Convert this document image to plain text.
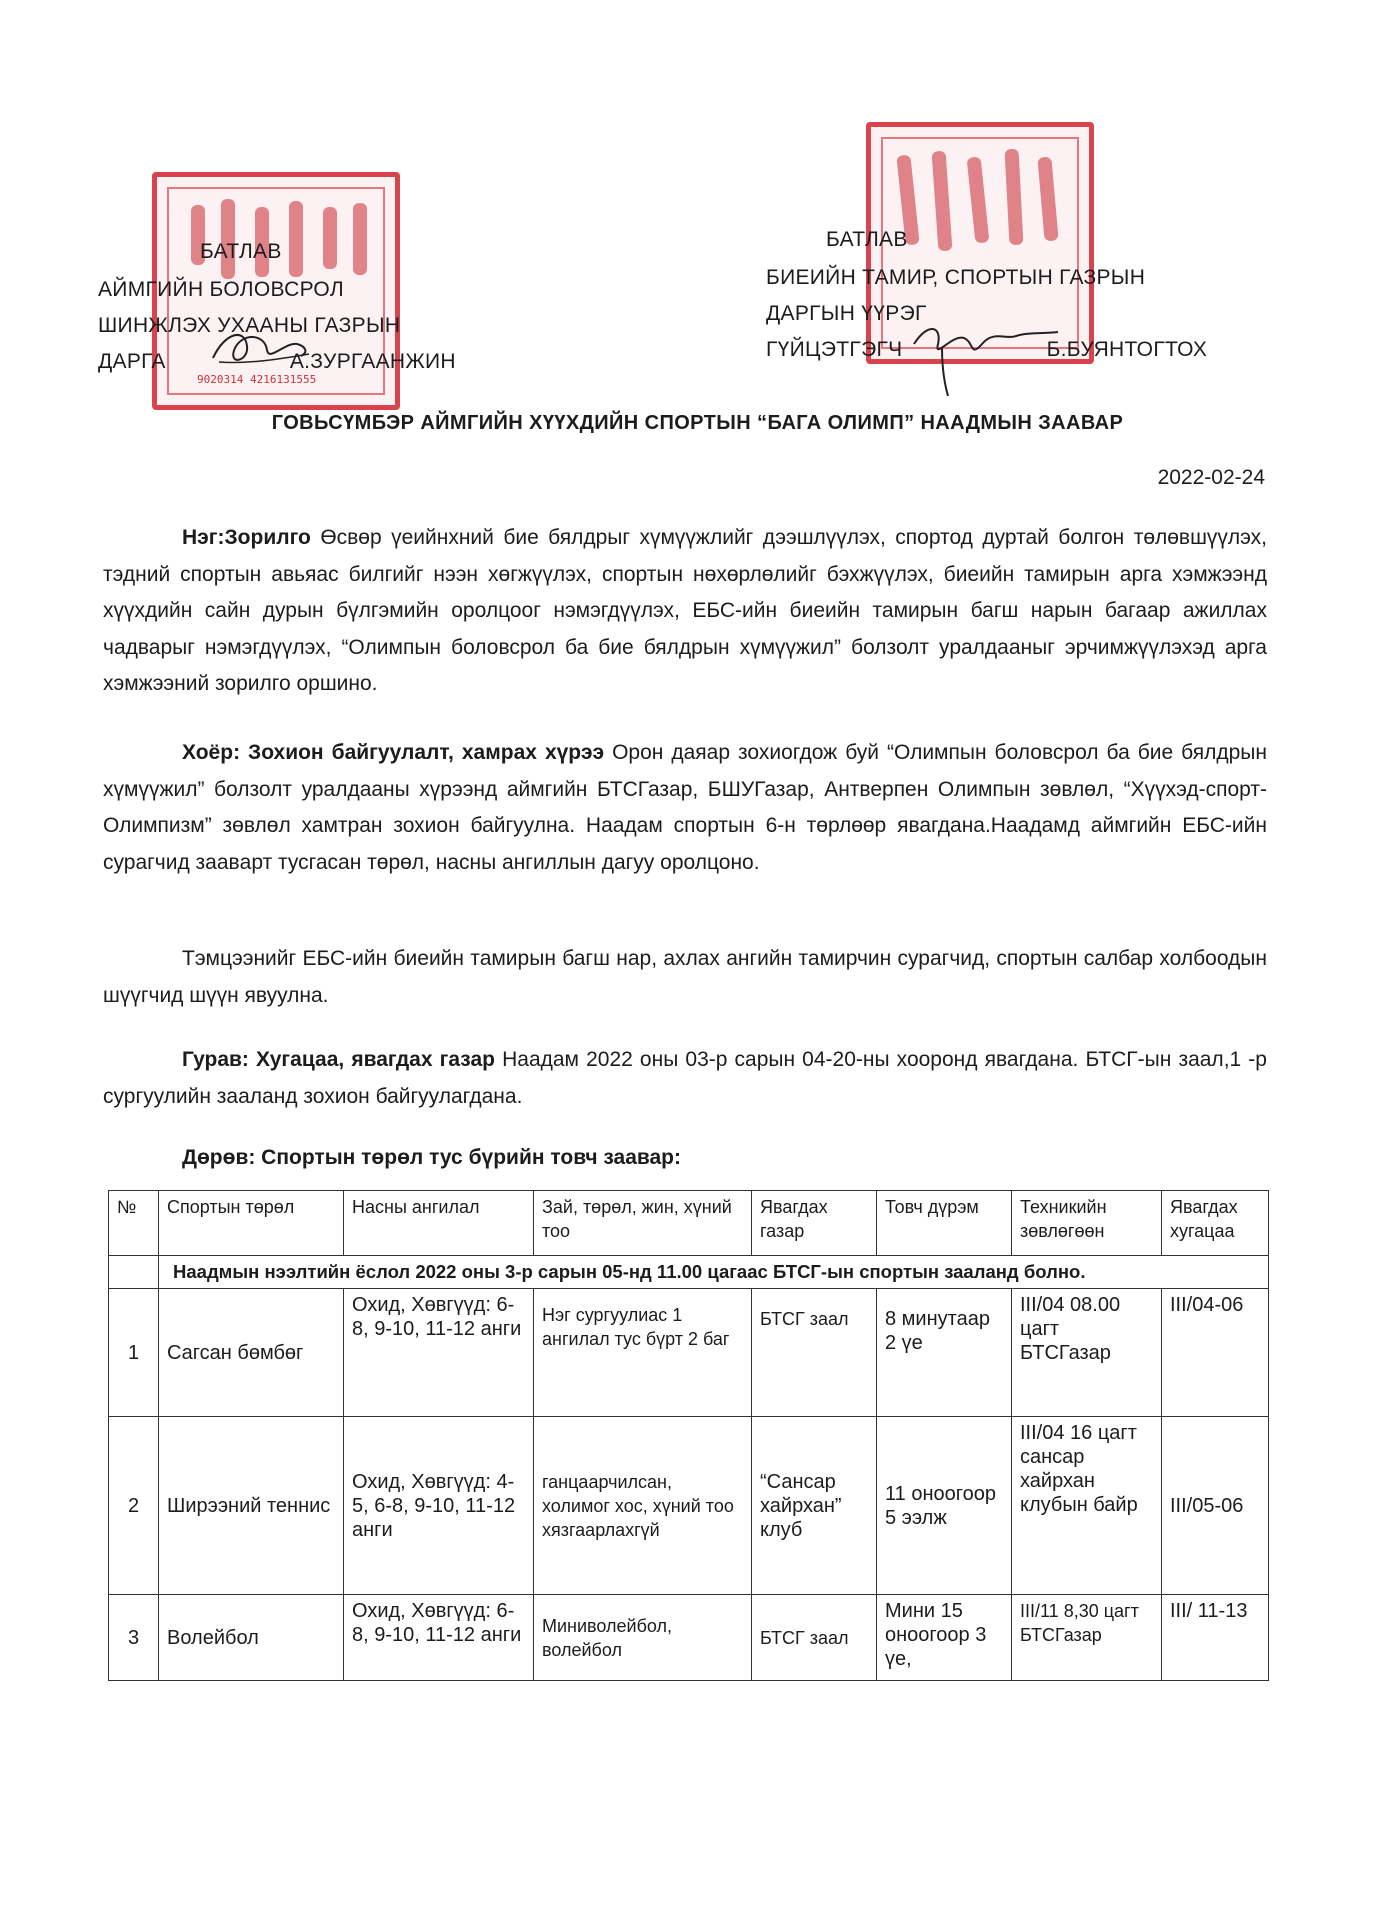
9020314 4216131555
БАТЛАВ
АЙМГИЙН БОЛОВСРОЛ
ШИНЖЛЭХ УХААНЫ ГАЗРЫН
ДАРГА	А.ЗУРГААНЖИН
БАТЛАВ
БИЕИЙН ТАМИР, СПОРТЫН ГАЗРЫН
ДАРГЫН ҮҮРЭГ
ГҮЙЦЭТГЭГЧ	Б.БУЯНТОГТОХ
ГОВЬСҮМБЭР АЙМГИЙН ХҮҮХДИЙН СПОРТЫН “БАГА ОЛИМП” НААДМЫН ЗААВАР
2022-02-24
Нэг:Зорилго Өсвөр үеийнхний бие бялдрыг хүмүүжлийг дээшлүүлэх, спортод дуртай болгон төлөвшүүлэх, тэдний спортын авьяас билгийг нээн хөгжүүлэх, спортын нөхөрлөлийг бэхжүүлэх, биеийн тамирын арга хэмжээнд хүүхдийн сайн дурын бүлгэмийн оролцоог нэмэгдүүлэх, ЕБС-ийн биеийн тамирын багш нарын багаар ажиллах чадварыг нэмэгдүүлэх, “Олимпын боловсрол ба бие бялдрын хүмүүжил” болзолт уралдааныг эрчимжүүлэхэд арга хэмжээний зорилго оршино.
Хоёр: Зохион байгуулалт, хамрах хүрээ Орон даяар зохиогдож буй “Олимпын боловсрол ба бие бялдрын хүмүүжил” болзолт уралдааны хүрээнд аймгийн БТСГазар, БШУГазар, Антверпен Олимпын зөвлөл, “Хүүхэд-спорт-Олимпизм” зөвлөл хамтран зохион байгуулна. Наадам спортын 6-н төрлөөр явагдана.Наадамд аймгийн ЕБС-ийн сурагчид заавaрт тусгасан төрөл, насны ангиллын дагуу оролцоно.
Тэмцээнийг ЕБС-ийн биеийн тамирын багш нар, ахлах ангийн тамирчин сурагчид, спортын салбар холбоодын шүүгчид шүүн явуулна.
Гурав: Хугацаа, явагдах газар Наадам 2022 оны 03-р сарын 04-20-ны хооронд явагдана. БТСГ-ын заал,1 -р сургуулийн зааланд зохион байгуулагдана.
Дөрөв: Спортын төрөл тус бүрийн товч заавар:
№	Спортын төрөл	Насны ангилал	Зай, төрөл, жин, хүний тоо	Явагдах газар	Товч дүрэм	Техникийн зөвлөгөөн	Явагдах хугацаа
	Наадмын нээлтийн ёслол 2022 оны 3-р сарын 05-нд 11.00 цагаас БТСГ-ын спортын зааланд болно.						
1	Сагсан бөмбөг	Охид, Хөвгүүд: 6-8, 9-10, 11-12 анги	Нэг сургуулиас 1 ангилал тус бүрт 2 баг	БТСГ заал	8 минутаар 2 үе	III/04 08.00 цагт БТСГазар	III/04-06
2	Ширээний теннис	Охид, Хөвгүүд: 4-5, 6-8, 9-10, 11-12 анги	ганцаарчилсан, холимог хос, хүний тоо хязгаарлахгүй	“Сансар хайрхан” клуб	11 оноогоор 5 ээлж	III/04 16 цагт сансар хайрхан клубын байр	III/05-06
3	Волейбол	Охид, Хөвгүүд: 6-8, 9-10, 11-12 анги	Миниволейбол, волейбол	БТСГ заал	Мини 15 оноогоор 3 үе,	III/11 8,30 цагт БТСГазар	III/ 11-13
